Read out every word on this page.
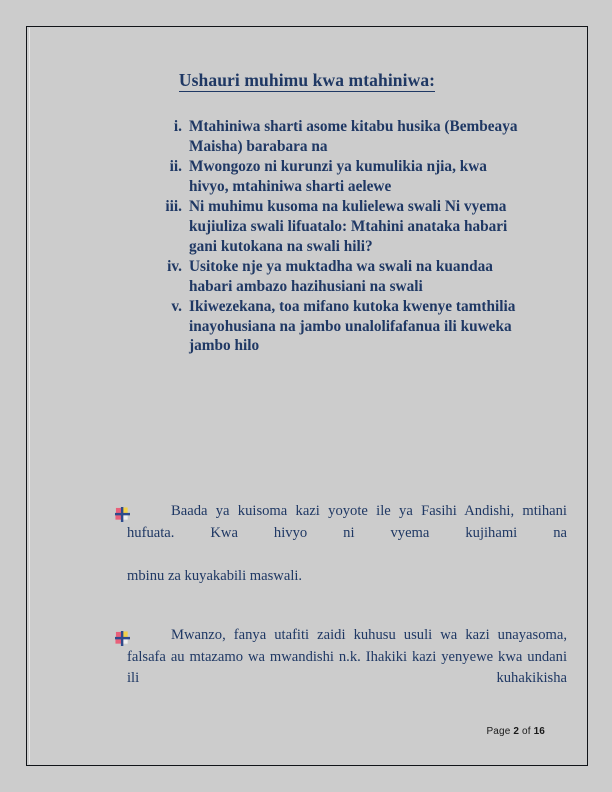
Ushauri muhimu kwa mtahiniwa:
i. Mtahiniwa sharti asome kitabu husika (Bembeaya Maisha) barabara na
ii. Mwongozo ni kurunzi ya kumulikia njia, kwa hivyo, mtahiniwa sharti aelewe
iii. Ni muhimu kusoma na kulielewa swali Ni vyema kujiuliza swali lifuatalo: Mtahini anataka habari gani kutokana na swali hili?
iv. Usitoke nje ya muktadha wa swali na kuandaa habari ambazo hazihusiani na swali
v. Ikiwezekana, toa mifano kutoka kwenye tamthilia inayohusiana na jambo unalolifafanua ili kuweka jambo hilo

Baada ya kuisoma kazi yoyote ile ya Fasihi Andishi, mtihani hufuata. Kwa hivyo ni vyema kujihami na

mbinu za kuyakabili maswali.

Mwanzo, fanya utafiti zaidi kuhusu usuli wa kazi unayasoma, falsafa au mtazamo wa mwandishi n.k. Ihakiki kazi yenyewe kwa undani ili kuhakikisha

Page 2 of 16
